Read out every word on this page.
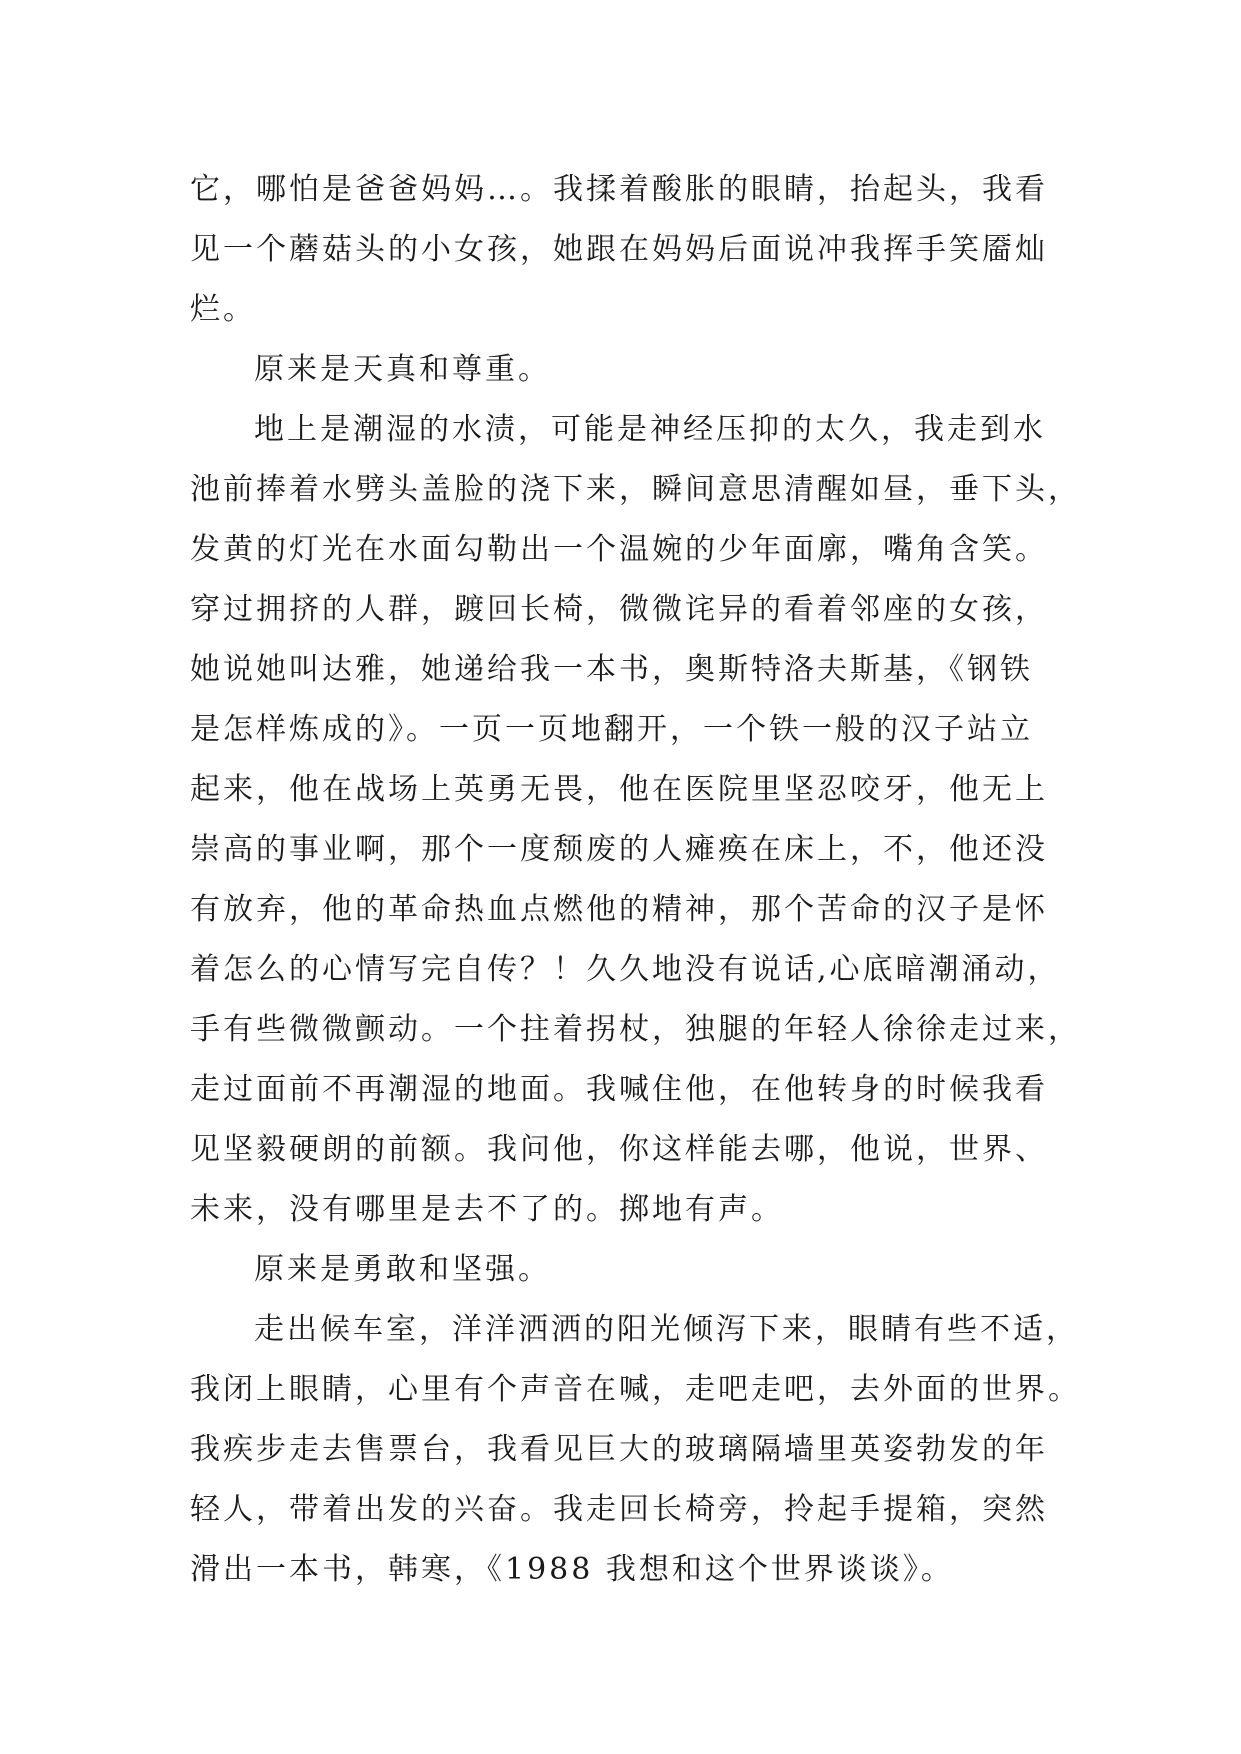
它，哪怕是爸爸妈妈…。我揉着酸胀的眼睛，抬起头，我看
见一个蘑菇头的小女孩，她跟在妈妈后面说冲我挥手笑靥灿
烂。
原来是天真和尊重。
地上是潮湿的水渍，可能是神经压抑的太久，我走到水
池前捧着水劈头盖脸的浇下来，瞬间意思清醒如昼，垂下头，
发黄的灯光在水面勾勒出一个温婉的少年面廓，嘴角含笑。
穿过拥挤的人群，踱回长椅，微微诧异的看着邻座的女孩，
她说她叫达雅，她递给我一本书，奥斯特洛夫斯基，《钢铁
是怎样炼成的》。一页一页地翻开，一个铁一般的汉子站立
起来，他在战场上英勇无畏，他在医院里坚忍咬牙，他无上
崇高的事业啊，那个一度颓废的人瘫痪在床上，不，他还没
有放弃，他的革命热血点燃他的精神，那个苦命的汉子是怀
着怎么的心情写完自传？！久久地没有说话,心底暗潮涌动，
手有些微微颤动。一个拄着拐杖，独腿的年轻人徐徐走过来，
走过面前不再潮湿的地面。我喊住他，在他转身的时候我看
见坚毅硬朗的前额。我问他，你这样能去哪，他说，世界、
未来，没有哪里是去不了的。掷地有声。
原来是勇敢和坚强。
走出候车室，洋洋洒洒的阳光倾泻下来，眼睛有些不适，
我闭上眼睛，心里有个声音在喊，走吧走吧，去外面的世界。
我疾步走去售票台，我看见巨大的玻璃隔墙里英姿勃发的年
轻人，带着出发的兴奋。我走回长椅旁，拎起手提箱，突然
滑出一本书，韩寒，《1988 我想和这个世界谈谈》。
